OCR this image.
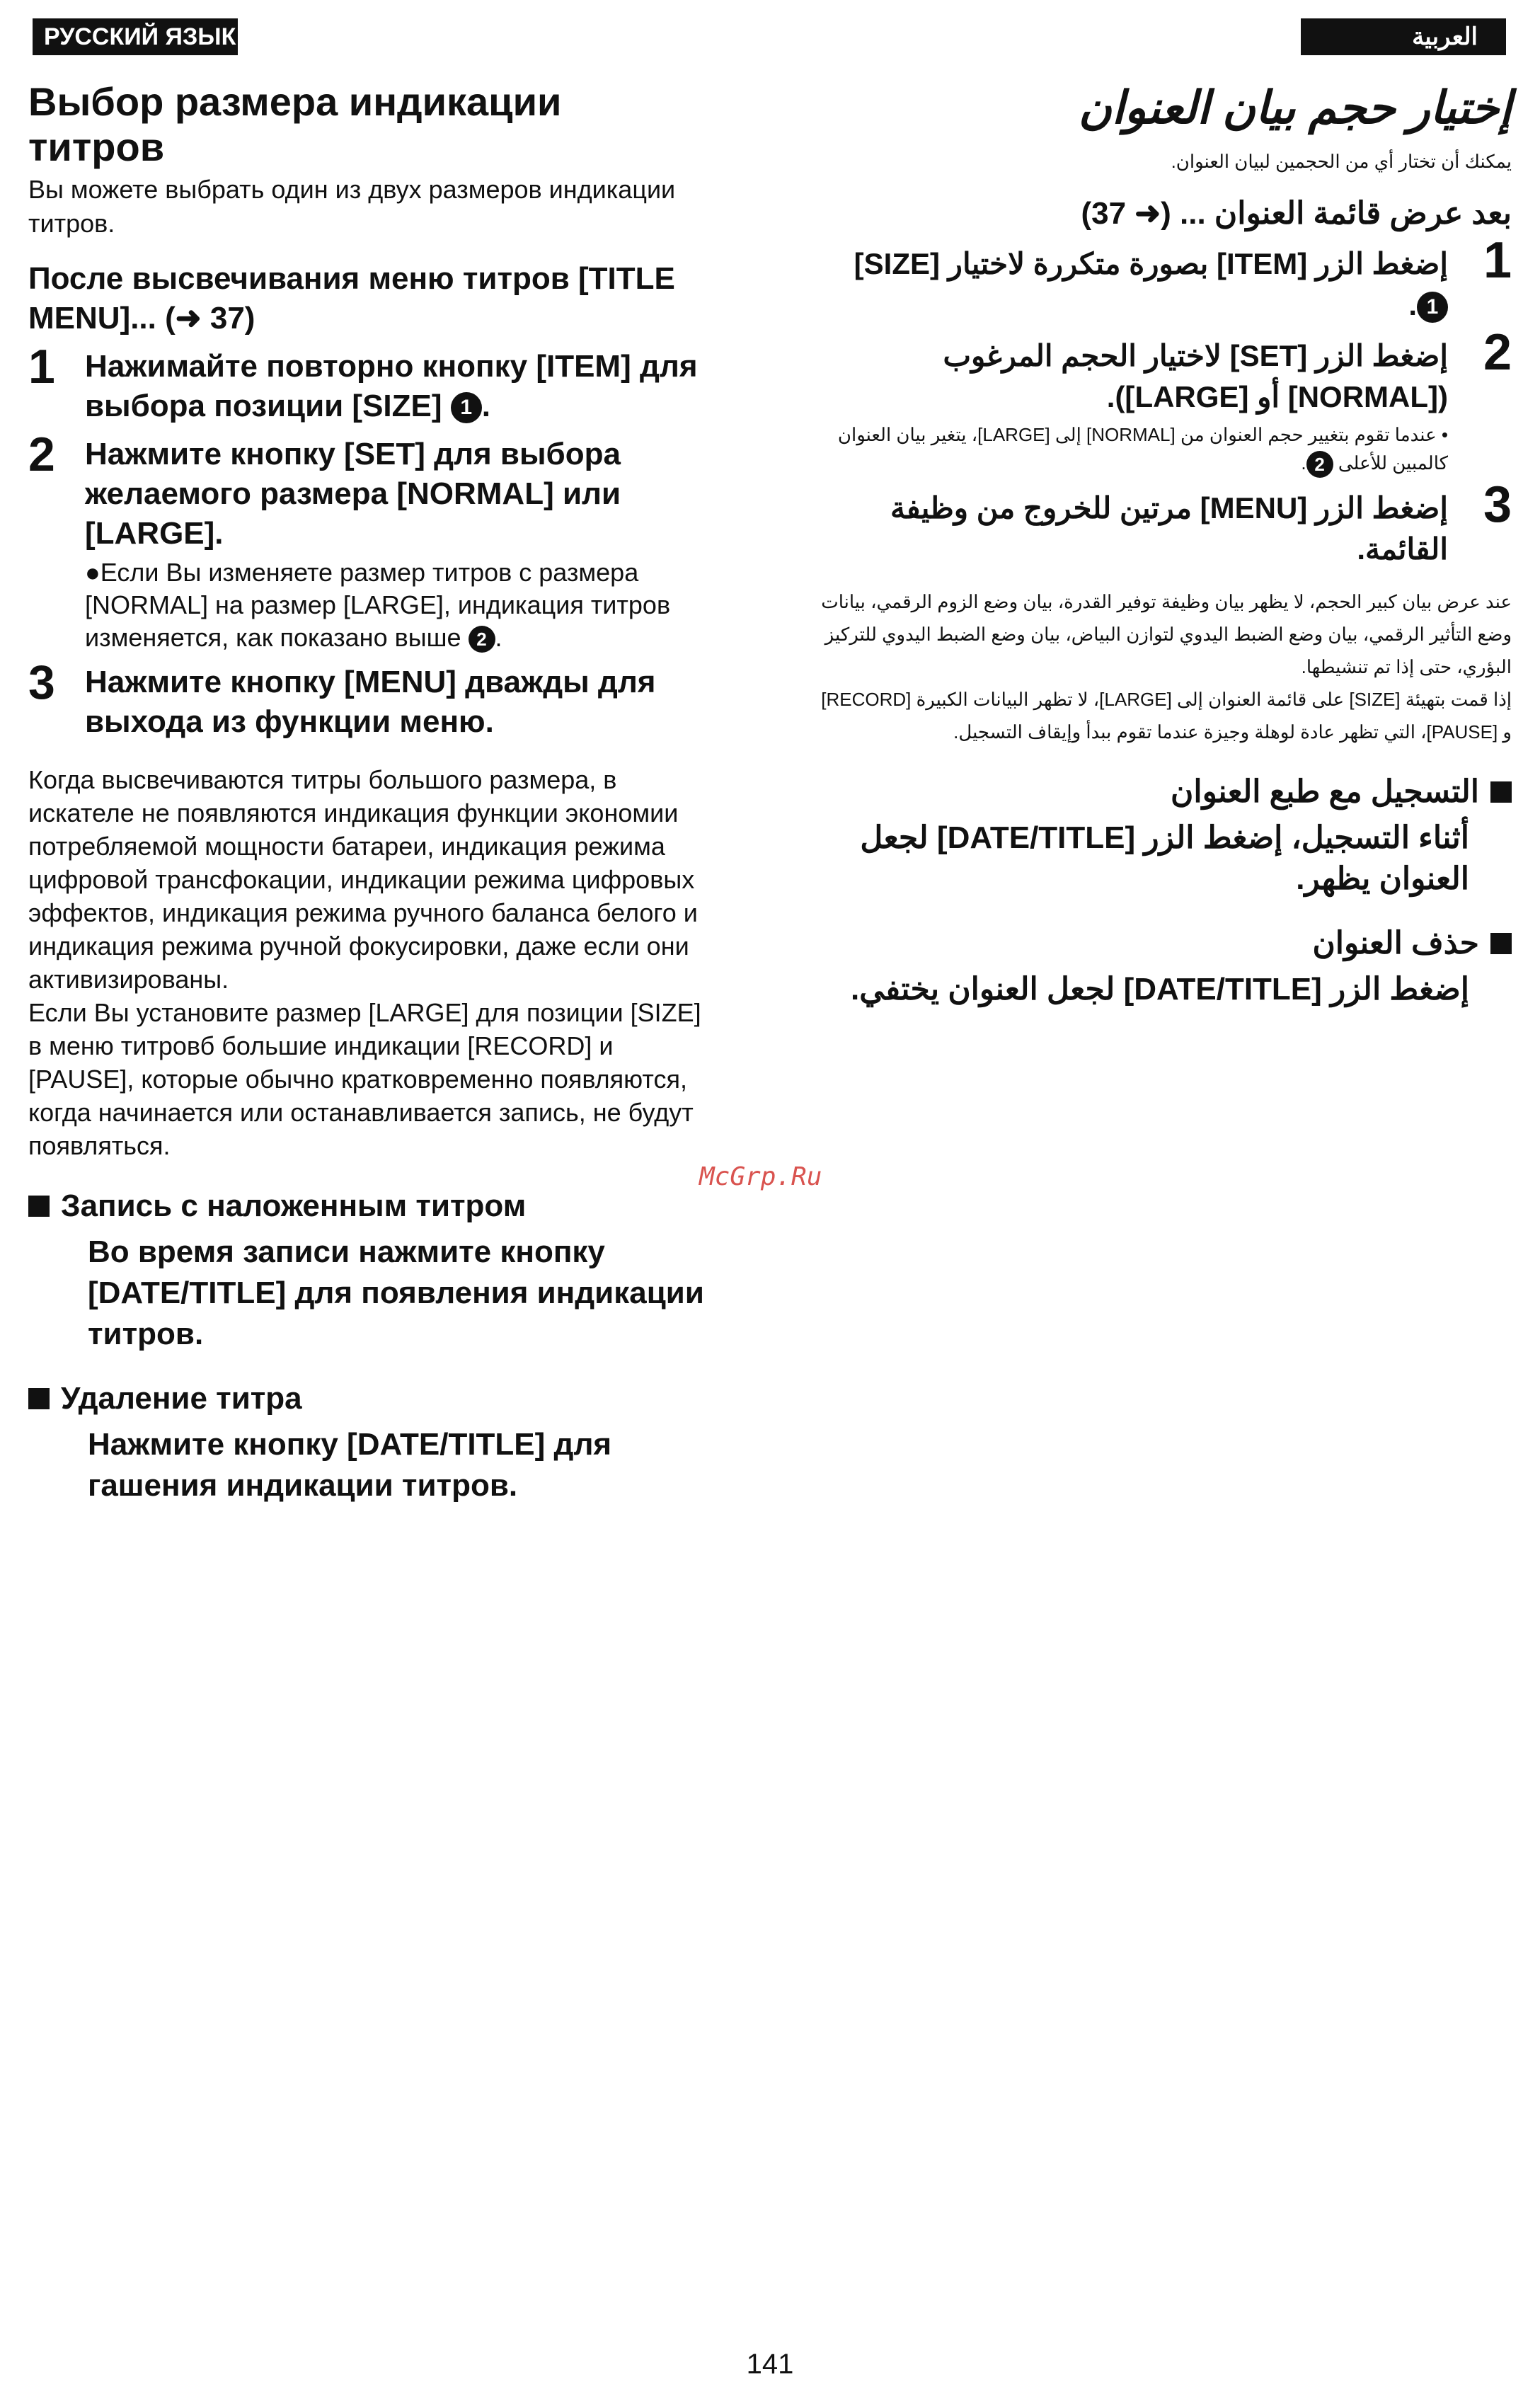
РУССКИЙ ЯЗЫК	العربية
Выбор размера индикации титров
Вы можете выбрать один из двух размеров индикации титров.
После высвечивания меню титров [TITLE MENU]... (➜ 37)
1 Нажимайте повторно кнопку [ITEM] для выбора позиции [SIZE] 1 .
2 Нажмите кнопку [SET] для выбора желаемого размера [NORMAL] или [LARGE].
●Если Вы изменяете размер титров с размера [NORMAL] на размер [LARGE], индикация титров изменяется, как показано выше 2 .
3 Нажмите кнопку [MENU] дважды для выхода из функции меню.
Когда высвечиваются титры большого размера, в искателе не появляются индикация функции экономии потребляемой мощности батареи, индикация режима цифровой трансфокации, индикации режима цифровых эффектов, индикация режима ручного баланса белого и индикация режима ручной фокусировки, даже если они активизированы.
Если Вы установите размер [LARGE] для позиции [SIZE] в меню титровб большие индикации [RECORD] и [PAUSE], которые обычно кратковременно появляются, когда начинается или останавливается запись, не будут появляться.
Запись с наложенным титром
Во время записи нажмите кнопку [DATE/TITLE] для появления индикации титров.
Удаление титра
Нажмите кнопку [DATE/TITLE] для гашения индикации титров.
إختيار حجم بيان العنوان
يمكنك أن تختار أي من الحجمين لبيان العنوان.
بعد عرض قائمة العنوان ... (➜ 37)
1
إضغط الزر [ITEM] بصورة متكررة لاختيار [SIZE] 1.
2
إضغط الزر [SET] لاختيار الحجم المرغوب ([NORMAL] أو [LARGE]).
• عندما تقوم بتغيير حجم العنوان من [NORMAL] إلى [LARGE]، يتغير بيان العنوان كالمبين للأعلى 2.
3
إضغط الزر [MENU] مرتين للخروج من وظيفة القائمة.
عند عرض بيان كبير الحجم، لا يظهر بيان وظيفة توفير القدرة، بيان وضع الزوم الرقمي، بيانات وضع التأثير الرقمي، بيان وضع الضبط اليدوي لتوازن البياض، بيان وضع الضبط اليدوي للتركيز البؤري، حتى إذا تم تنشيطها.
إذا قمت بتهيئة [SIZE] على قائمة العنوان إلى [LARGE]، لا تظهر البيانات الكبيرة [RECORD] و [PAUSE]، التي تظهر عادة لوهلة وجيزة عندما تقوم ببدأ وإيقاف التسجيل.
التسجيل مع طبع العنوان
أثناء التسجيل، إضغط الزر [DATE/TITLE] لجعل العنوان يظهر.
حذف العنوان
إضغط الزر [DATE/TITLE] لجعل العنوان يختفي.
McGrp.Ru
141
